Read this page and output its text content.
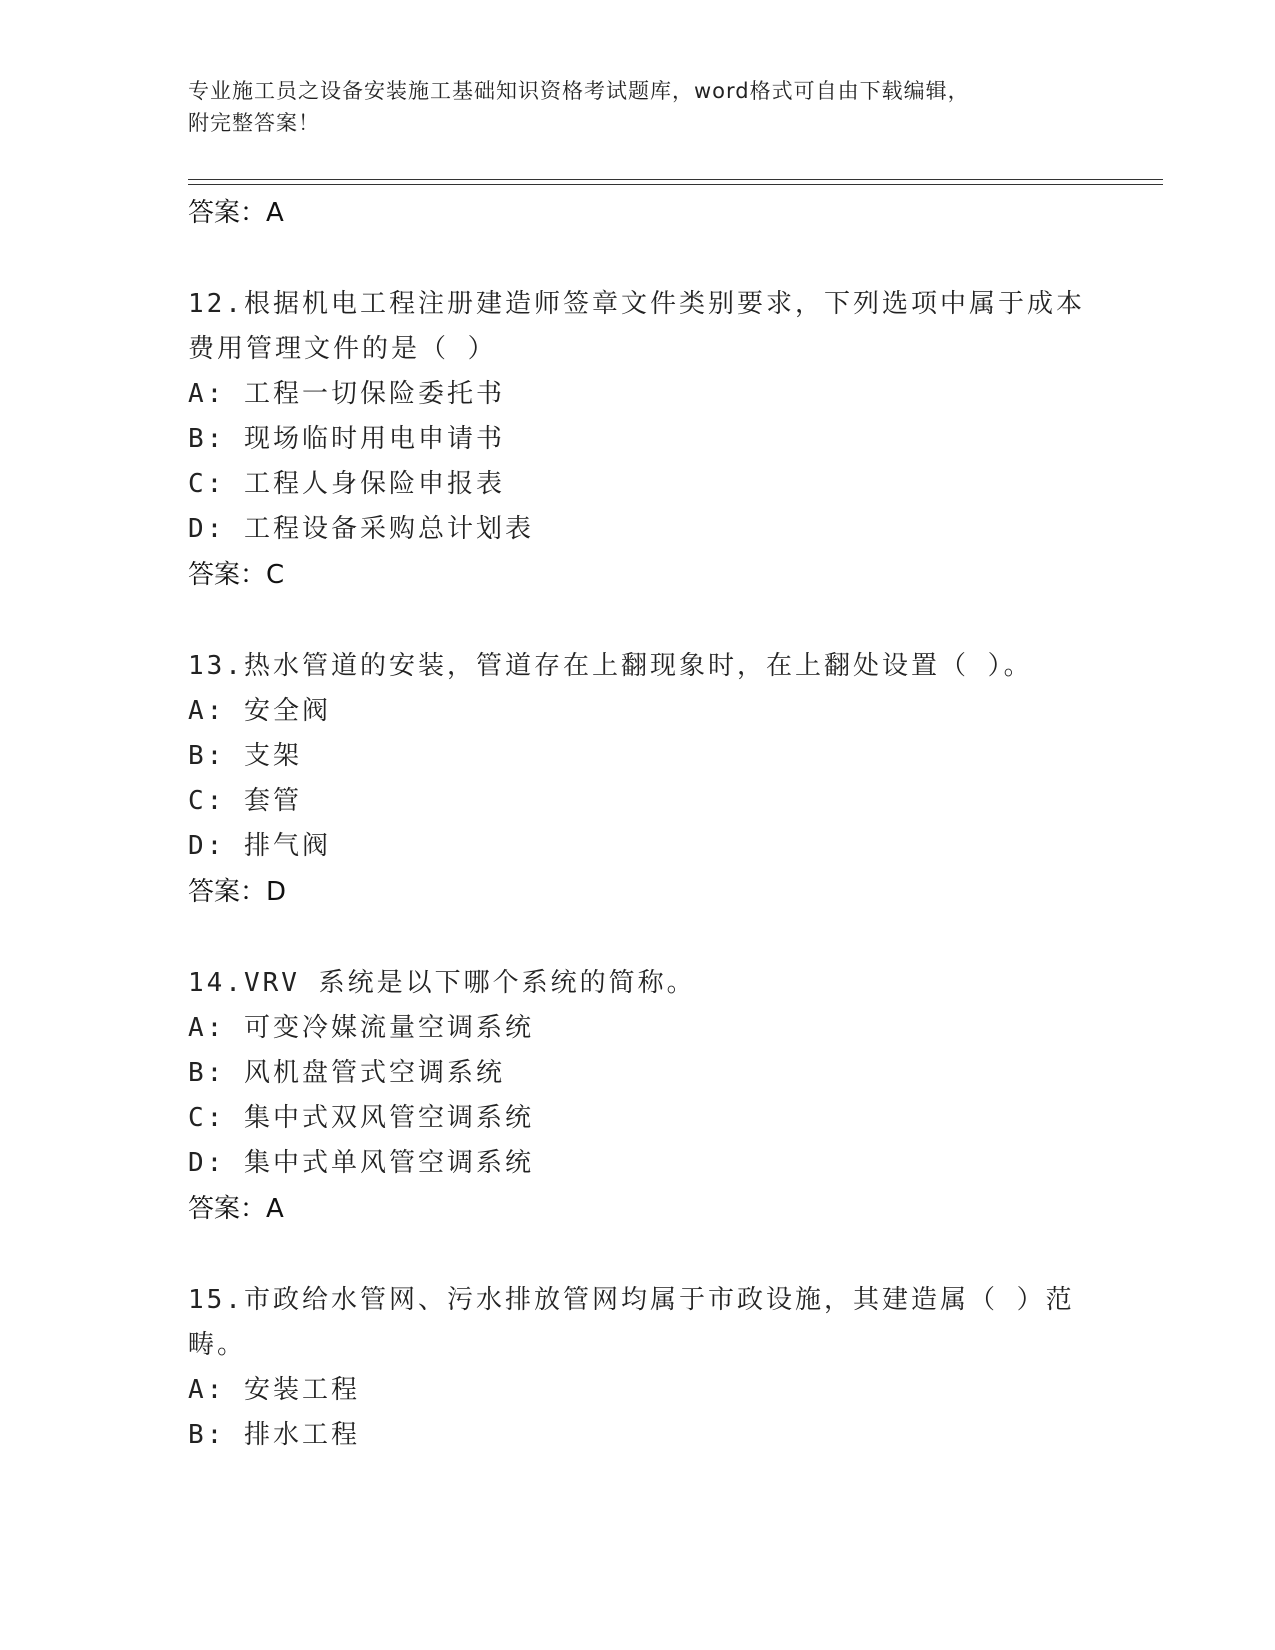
专业施工员之设备安装施工基础知识资格考试题库，word格式可自由下载编辑，
附完整答案！
答案：A
12.根据机电工程注册建造师签章文件类别要求，下列选项中属于成本
费用管理文件的是（ ）
A: 工程一切保险委托书
B: 现场临时用电申请书
C: 工程人身保险申报表
D: 工程设备采购总计划表
答案：C
13.热水管道的安装，管道存在上翻现象时，在上翻处设置（ ）。
A: 安全阀
B: 支架
C: 套管
D: 排气阀
答案：D
14.VRV 系统是以下哪个系统的简称。
A: 可变冷媒流量空调系统
B: 风机盘管式空调系统
C: 集中式双风管空调系统
D: 集中式单风管空调系统
答案：A
15.市政给水管网、污水排放管网均属于市政设施，其建造属（ ）范
畴。
A: 安装工程
B: 排水工程
